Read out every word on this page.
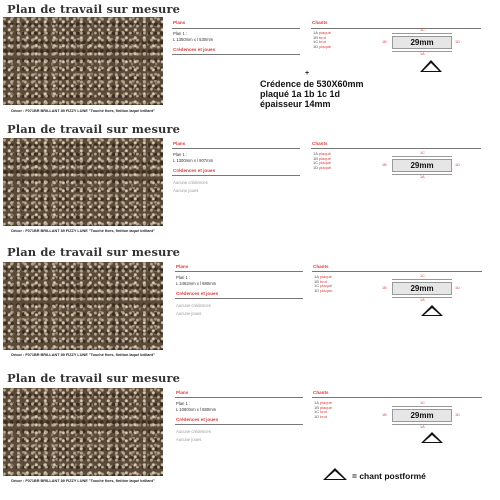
Plan de travail sur mesure
Décor : F071BR BRILLANT 89 FIZZY LUNE "Touché fixes, finition laqué brillant"
Plans
Plan 1 :
L 1350mm x l 530mm
Crédences et joues
Chants
1Aplaqué
1Bbrut
1Cbrut
1Dplaqué
1C
1B	29mm	1D
1A
+
Crédence de 530X60mm
plaqué 1a 1b 1c 1d
épaisseur 14mm
Plan de travail sur mesure
Décor : F071BR BRILLANT 89 FIZZY LUNE "Touché fixes, finition laqué brillant"
Plans
Plan 1 :
L 1300mm x l 907mm
Crédences et joues
Aucune crédences
Aucune joues
Chants
1Aplaqué
1Bplaqué
1Cplaqué
1Dplaqué
1C
1B	29mm	1D
1A
Plan de travail sur mesure
Décor : F071BR BRILLANT 89 FIZZY LUNE "Touché fixes, finition laqué brillant"
Plans
Plan 1 :
L 2462mm x l 680mm
Crédences et joues
Aucune crédences
Aucune joues
Chants
1Aplaqué
1Bbrut
1Cplaqué
1Dplaqué
1C
1B	29mm	1D
1A
Plan de travail sur mesure
Décor : F071BR BRILLANT 89 FIZZY LUNE "Touché fixes, finition laqué brillant"
Plans
Plan 1 :
L 1060mm x l 680mm
Crédences et joues
Aucune crédences
Aucune joues
Chants
1Aplaqué
1Bplaqué
1Cbrut
1Dbrut
1C
1B	29mm	1D
1A
= chant postformé
